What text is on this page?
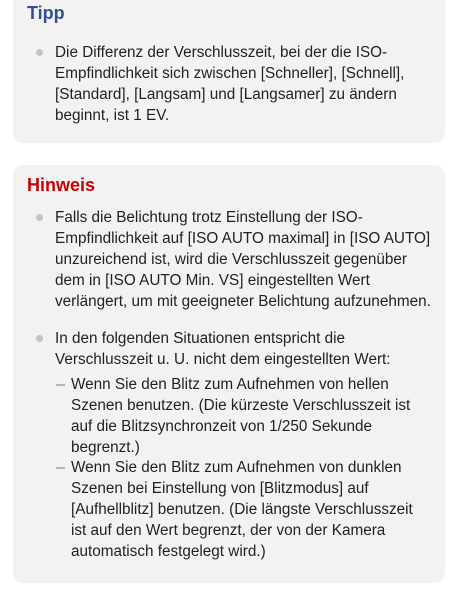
Tipp
Die Differenz der Verschlusszeit, bei der die ISO-
Empfindlichkeit sich zwischen [Schneller], [Schnell],
[Standard], [Langsam] und [Langsamer] zu ändern
beginnt, ist 1 EV.
Hinweis
Falls die Belichtung trotz Einstellung der ISO-
Empfindlichkeit auf [ISO AUTO maximal] in [ISO AUTO]
unzureichend ist, wird die Verschlusszeit gegenüber
dem in [ISO AUTO Min. VS] eingestellten Wert
verlängert, um mit geeigneter Belichtung aufzunehmen.
In den folgenden Situationen entspricht die
Verschlusszeit u. U. nicht dem eingestellten Wert:
Wenn Sie den Blitz zum Aufnehmen von hellen
Szenen benutzen. (Die kürzeste Verschlusszeit ist
auf die Blitzsynchronzeit von 1/250 Sekunde
begrenzt.)
Wenn Sie den Blitz zum Aufnehmen von dunklen
Szenen bei Einstellung von [Blitzmodus] auf
[Aufhellblitz] benutzen. (Die längste Verschlusszeit
ist auf den Wert begrenzt, der von der Kamera
automatisch festgelegt wird.)
